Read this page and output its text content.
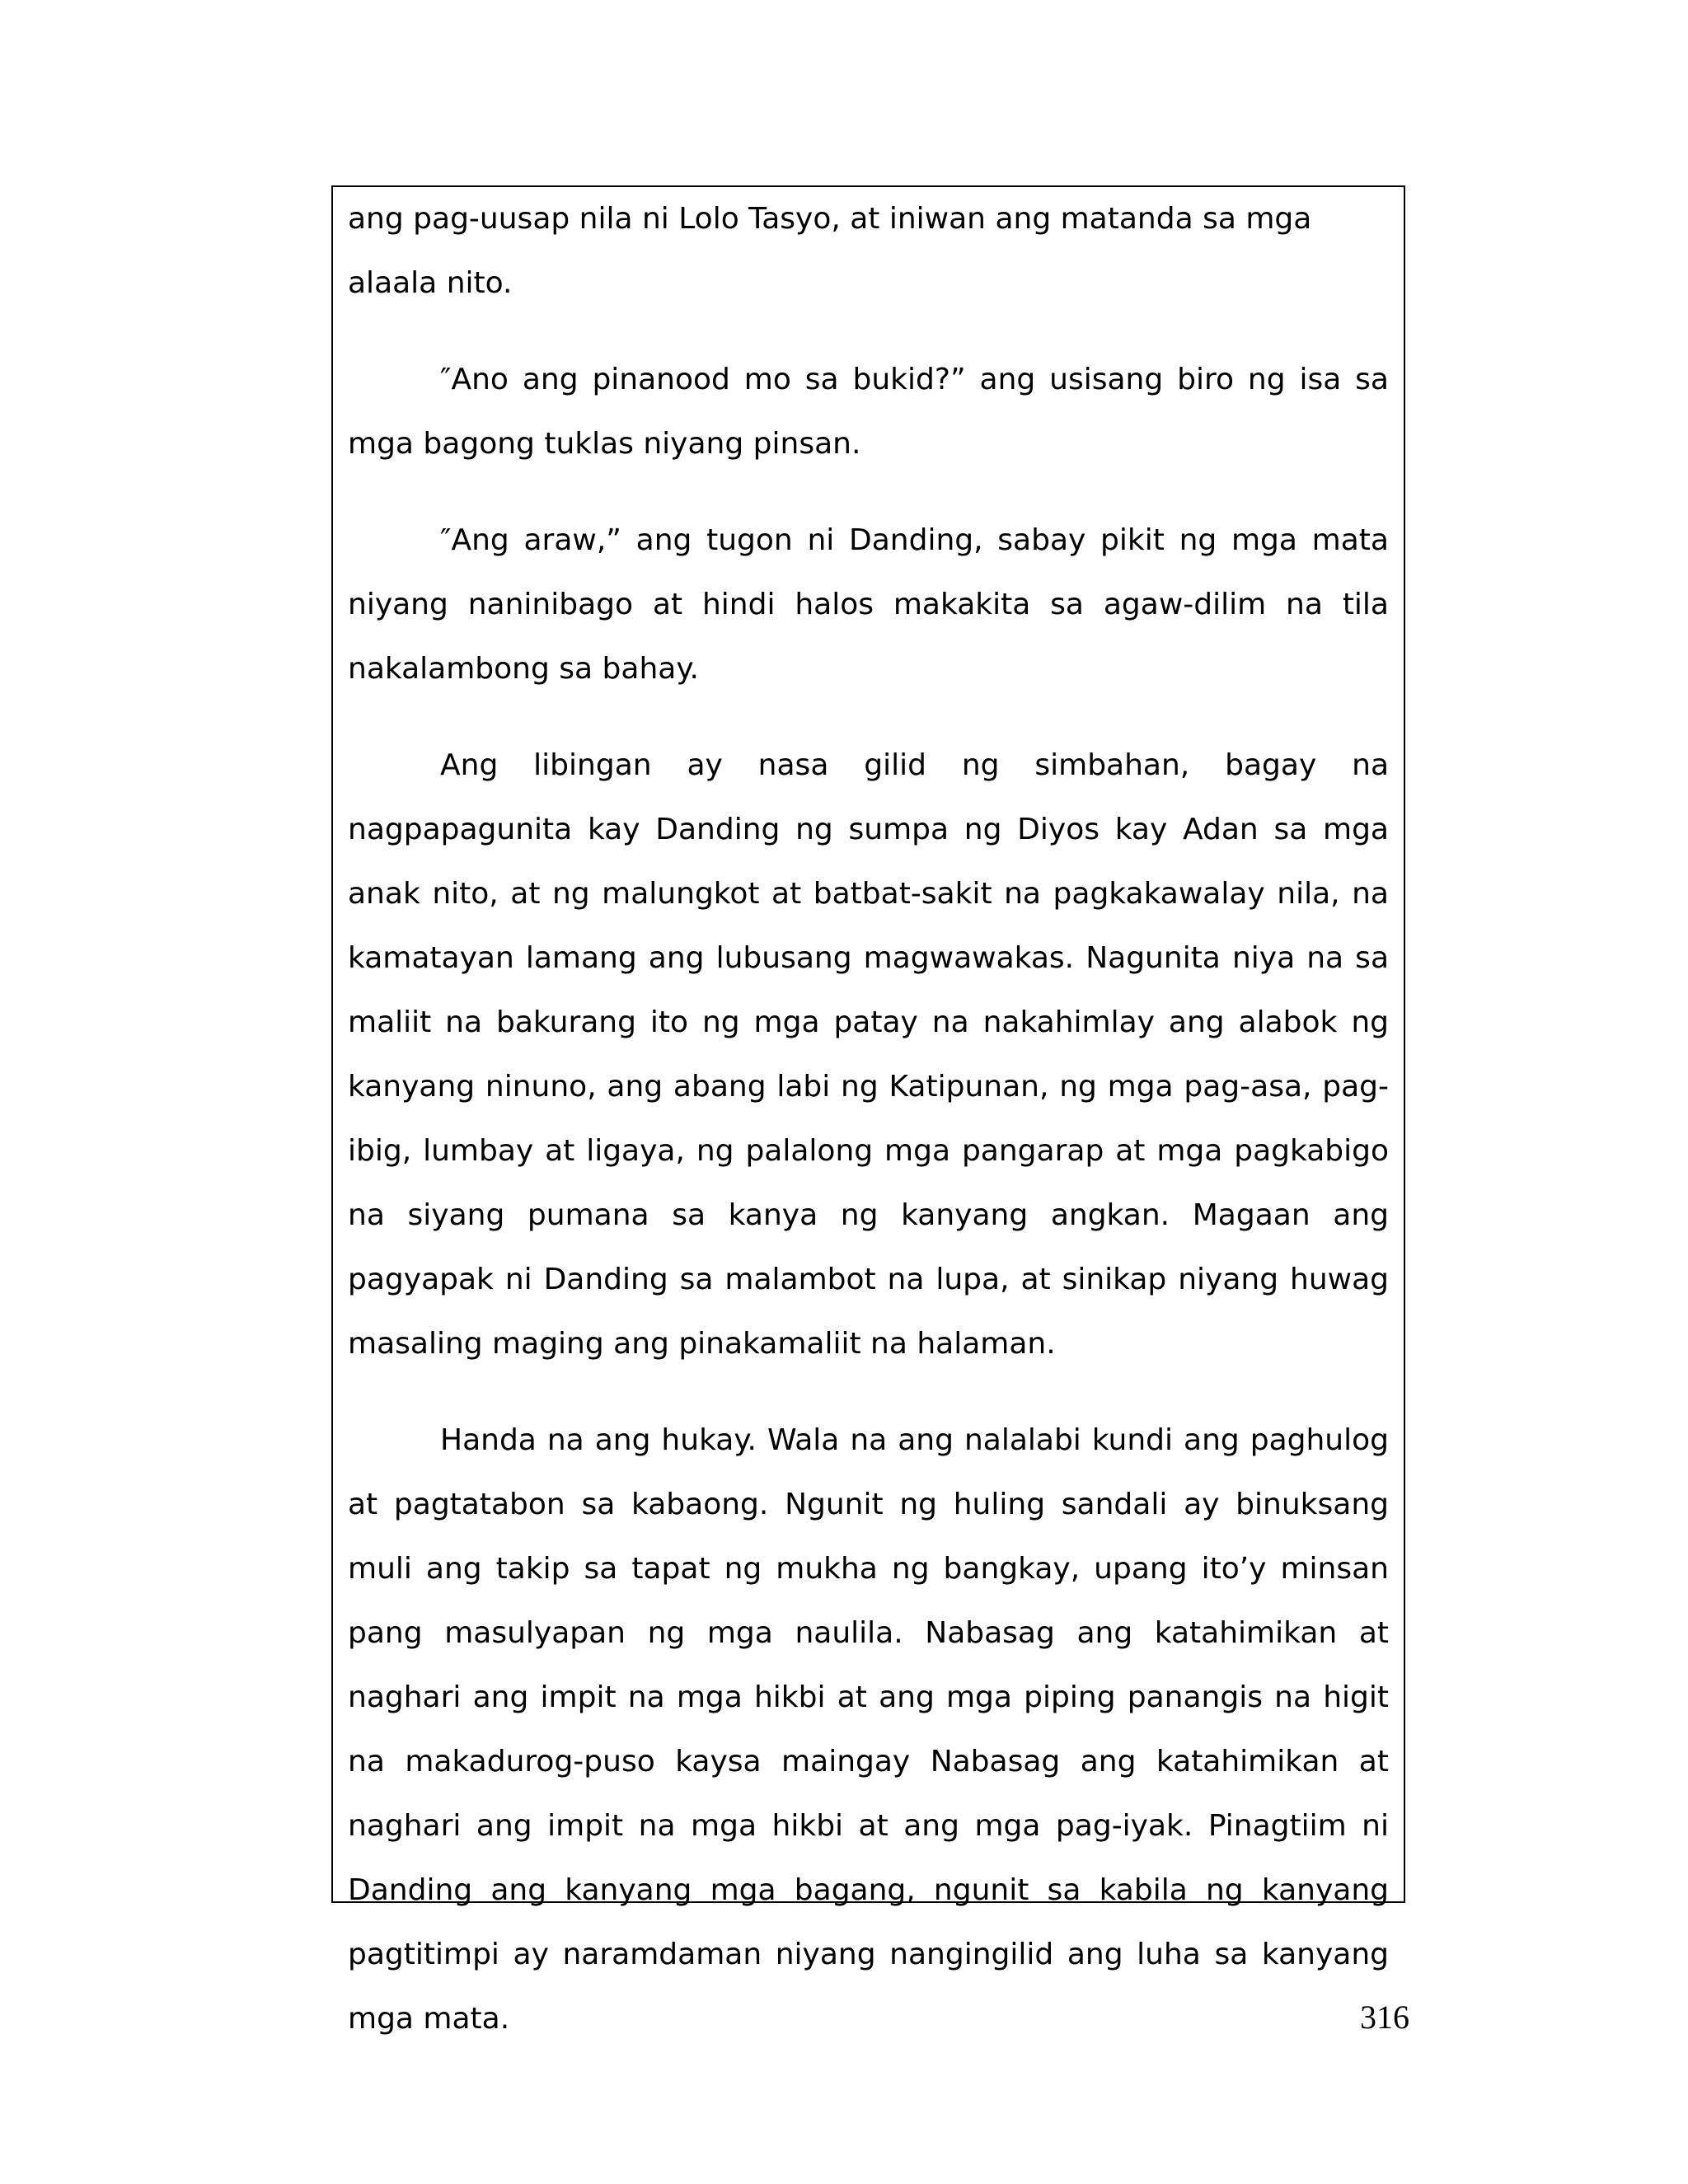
ang pag-uusap nila ni Lolo Tasyo, at iniwan ang matanda sa mga alaala nito.

″Ano ang pinanood mo sa bukid?” ang usisang biro ng isa sa mga bagong tuklas niyang pinsan.

″Ang araw,” ang tugon ni Danding, sabay pikit ng mga mata niyang naninibago at hindi halos makakita sa agaw-dilim na tila nakalambong sa bahay.

Ang libingan ay nasa gilid ng simbahan, bagay na nagpapagunita kay Danding ng sumpa ng Diyos kay Adan sa mga anak nito, at ng malungkot at batbat-sakit na pagkakawalay nila, na kamatayan lamang ang lubusang magwawakas. Nagunita niya na sa maliit na bakurang ito ng mga patay na nakahimlay ang alabok ng kanyang ninuno, ang abang labi ng Katipunan, ng mga pag-asa, pag- ibig, lumbay at ligaya, ng palalong mga pangarap at mga pagkabigo na siyang pumana sa kanya ng kanyang angkan. Magaan ang pagyapak ni Danding sa malambot na lupa, at sinikap niyang huwag masaling maging ang pinakamaliit na halaman.

Handa na ang hukay. Wala na ang nalalabi kundi ang paghulog at pagtatabon sa kabaong. Ngunit ng huling sandali ay binuksang muli ang takip sa tapat ng mukha ng bangkay, upang ito’y minsan pang masulyapan ng mga naulila. Nabasag ang katahimikan at naghari ang impit na mga hikbi at ang mga piping panangis na higit na makadurog-puso kaysa maingay Nabasag ang katahimikan at naghari ang impit na mga hikbi at ang mga pag-iyak. Pinagtiim ni Danding ang kanyang mga bagang, ngunit sa kabila ng kanyang pagtitimpi ay naramdaman niyang nangingilid ang luha sa kanyang mga mata.	316
